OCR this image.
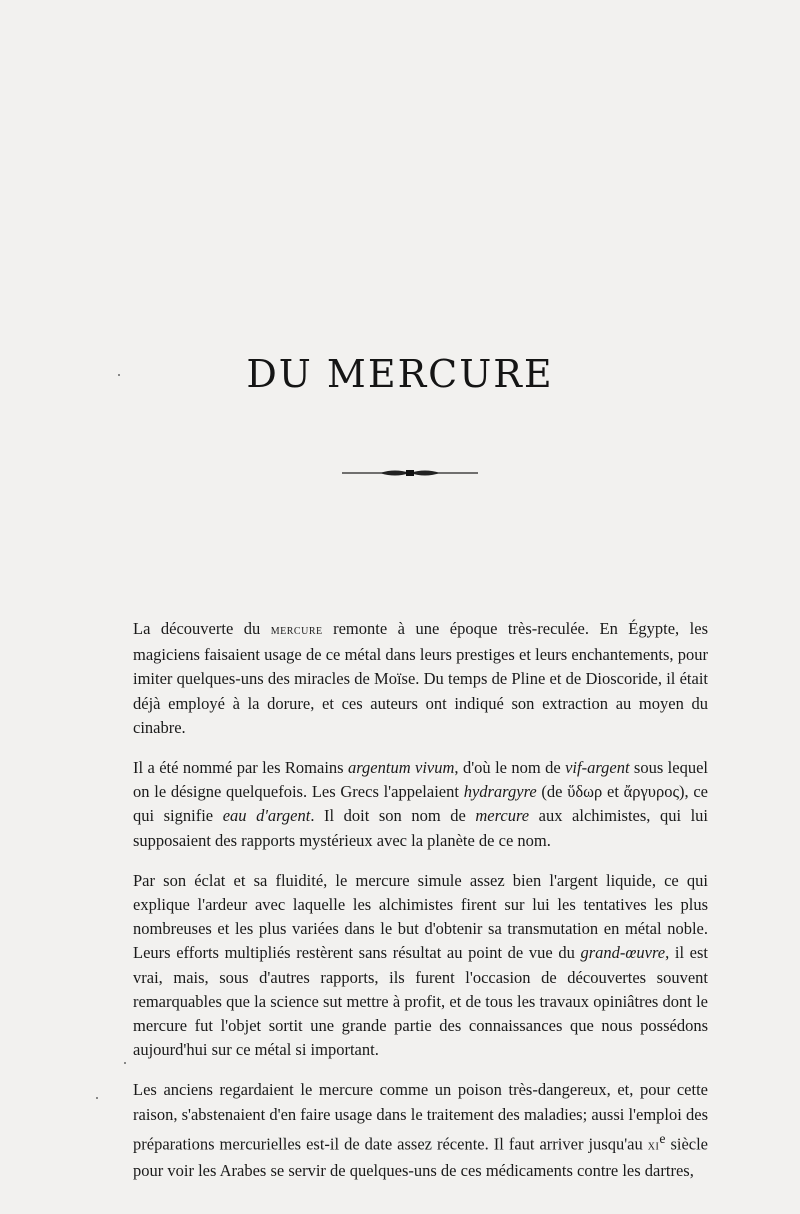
DU MERCURE

La découverte du mercure remonte à une époque très-reculée. En Égypte, les magiciens faisaient usage de ce métal dans leurs prestiges et leurs enchantements, pour imiter quelques-uns des miracles de Moïse. Du temps de Pline et de Dioscoride, il était déjà employé à la dorure, et ces auteurs ont indiqué son extraction au moyen du cinabre.

Il a été nommé par les Romains argentum vivum, d'où le nom de vif-argent sous lequel on le désigne quelquefois. Les Grecs l'appelaient hydrargyre (de ὕδωρ et ἄργυρος), ce qui signifie eau d'argent. Il doit son nom de mercure aux alchimistes, qui lui supposaient des rapports mystérieux avec la planète de ce nom.

Par son éclat et sa fluidité, le mercure simule assez bien l'argent liquide, ce qui explique l'ardeur avec laquelle les alchimistes firent sur lui les tentatives les plus nombreuses et les plus variées dans le but d'obtenir sa transmutation en métal noble. Leurs efforts multipliés restèrent sans résultat au point de vue du grand-œuvre, il est vrai, mais, sous d'autres rapports, ils furent l'occasion de découvertes souvent remarquables que la science sut mettre à profit, et de tous les travaux opiniâtres dont le mercure fut l'objet sortit une grande partie des connaissances que nous possédons aujourd'hui sur ce métal si important.

Les anciens regardaient le mercure comme un poison très-dangereux, et, pour cette raison, s'abstenaient d'en faire usage dans le traitement des maladies; aussi l'emploi des préparations mercurielles est-il de date assez récente. Il faut arriver jusqu'au $xi^e$ siècle pour voir les Arabes se servir de quelques-uns de ces médicaments contre les dartres,
